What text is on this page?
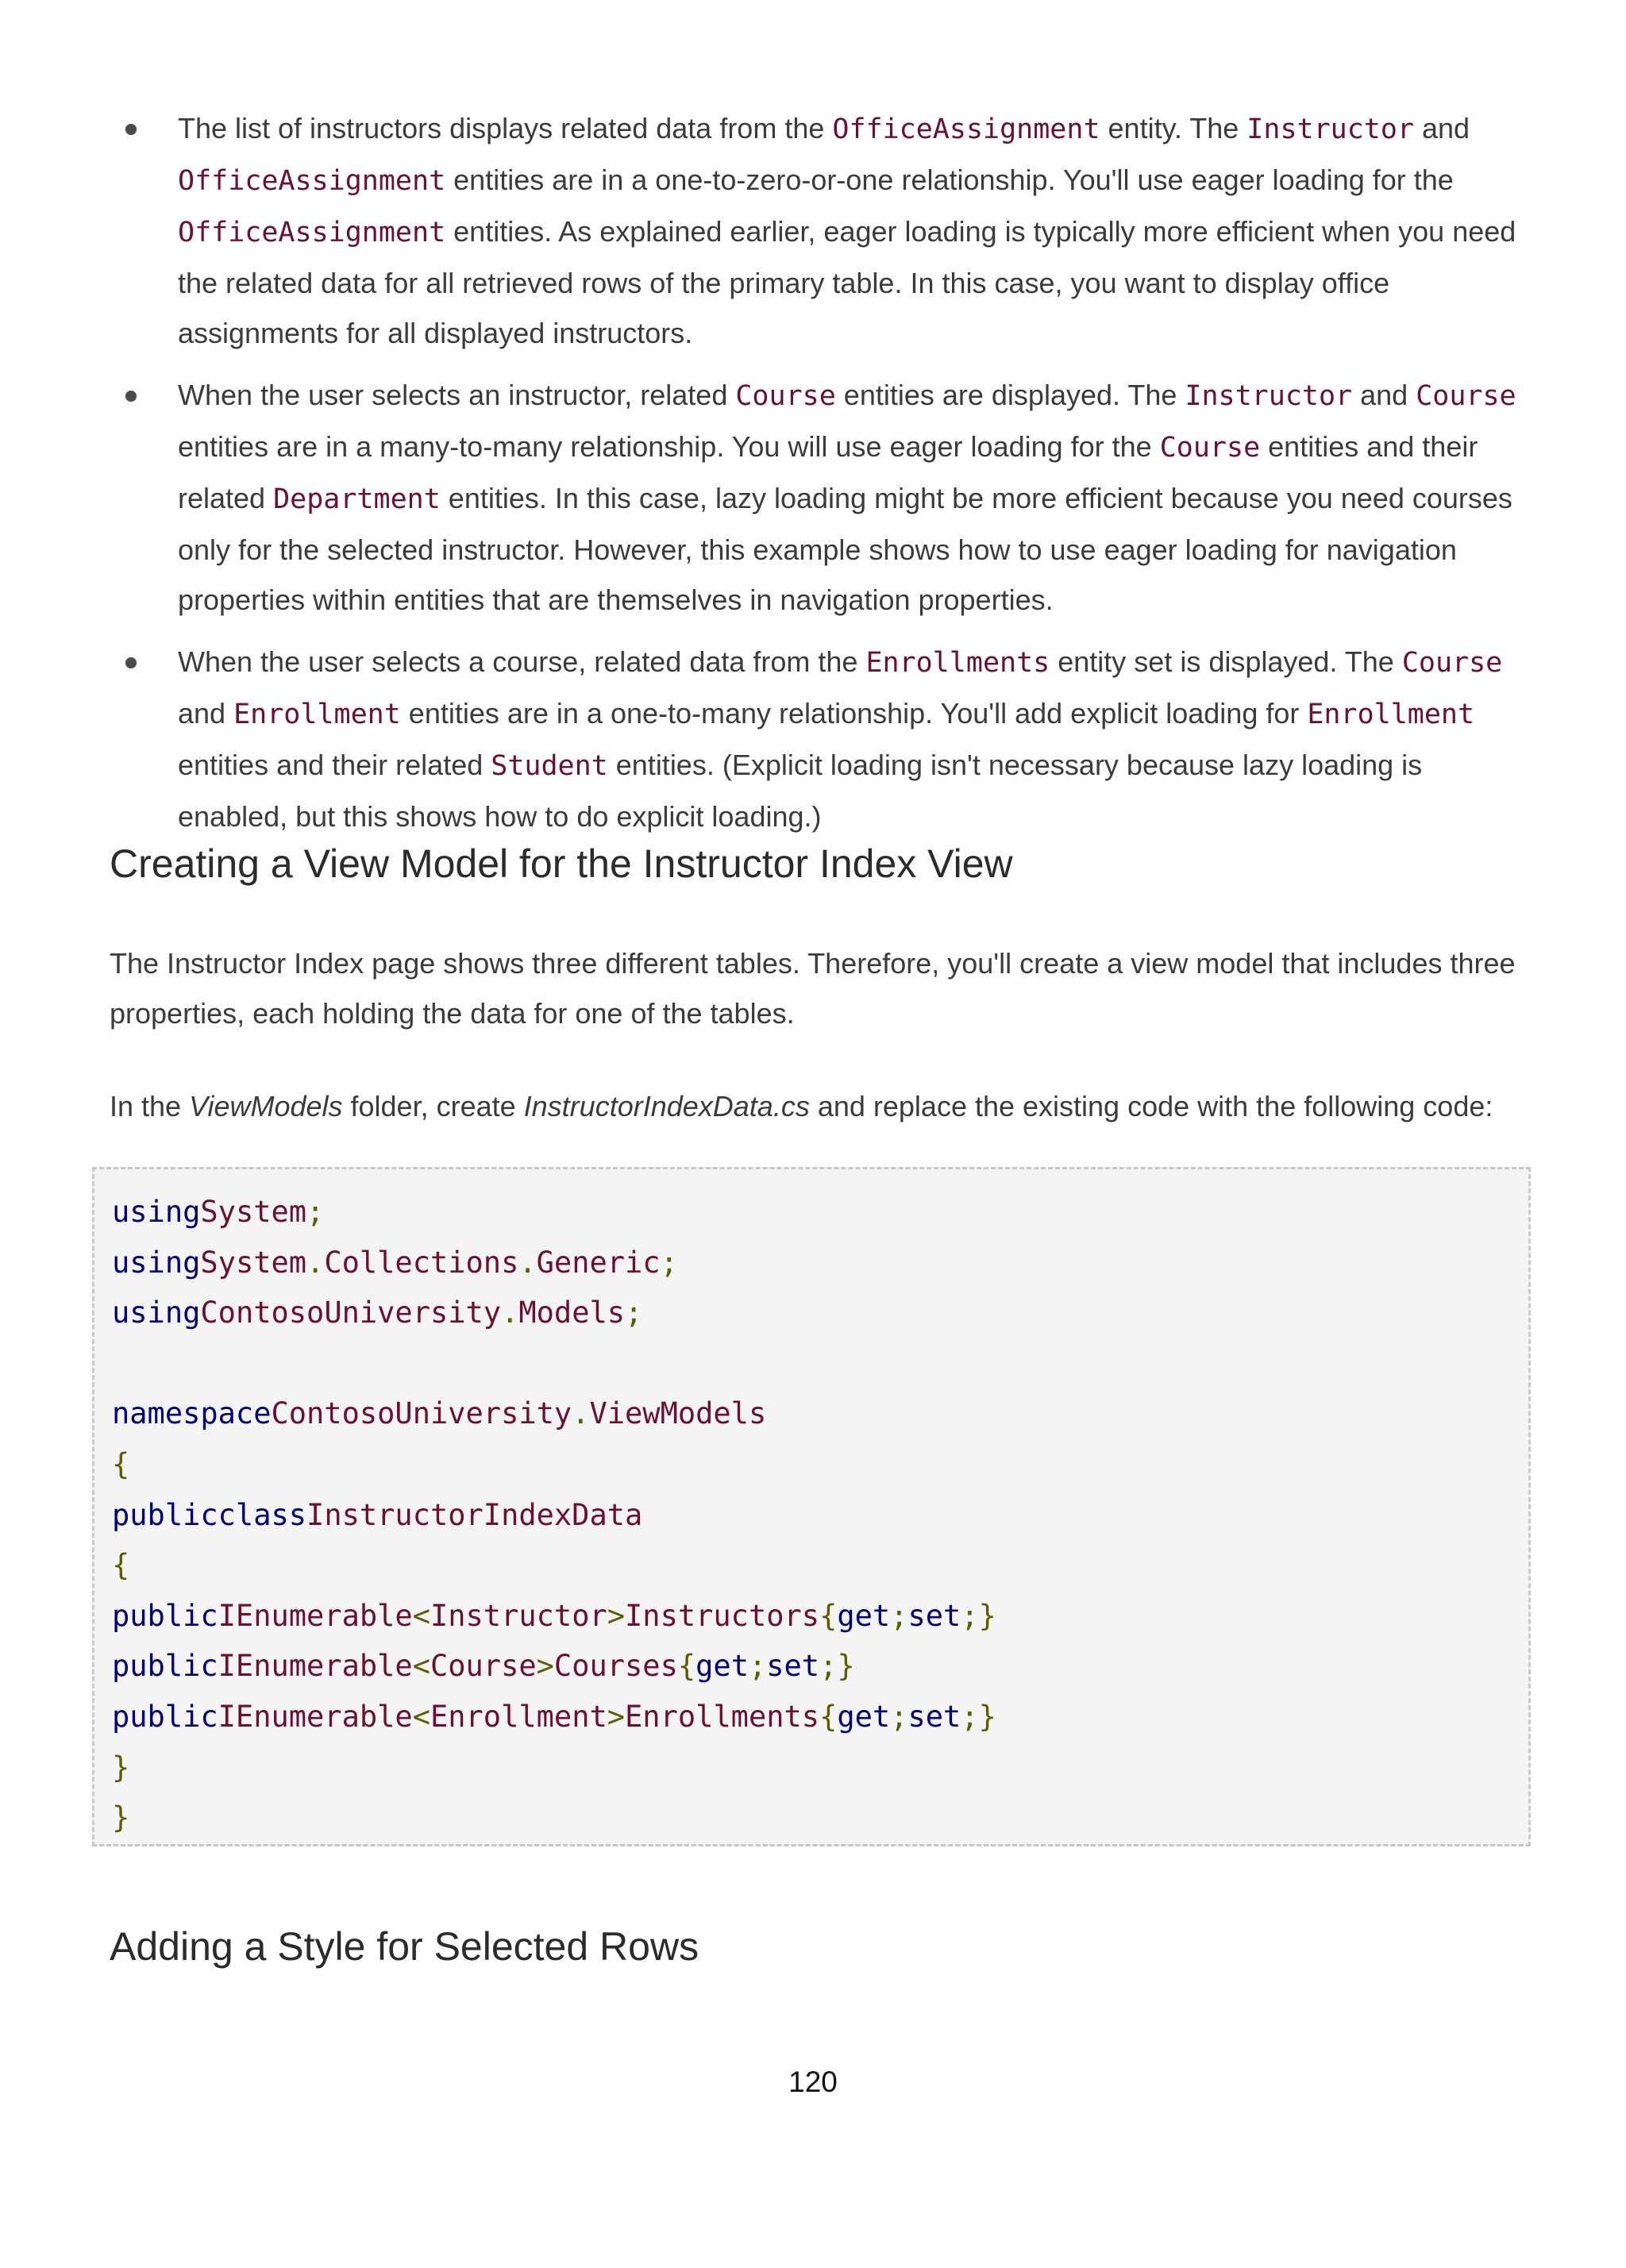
The list of instructors displays related data from the OfficeAssignment entity. The Instructor and OfficeAssignment entities are in a one-to-zero-or-one relationship. You'll use eager loading for the OfficeAssignment entities. As explained earlier, eager loading is typically more efficient when you need the related data for all retrieved rows of the primary table. In this case, you want to display office assignments for all displayed instructors.
When the user selects an instructor, related Course entities are displayed. The Instructor and Course entities are in a many-to-many relationship. You will use eager loading for the Course entities and their related Department entities. In this case, lazy loading might be more efficient because you need courses only for the selected instructor. However, this example shows how to use eager loading for navigation properties within entities that are themselves in navigation properties.
When the user selects a course, related data from the Enrollments entity set is displayed. The Course and Enrollment entities are in a one-to-many relationship. You'll add explicit loading for Enrollment entities and their related Student entities. (Explicit loading isn't necessary because lazy loading is enabled, but this shows how to do explicit loading.)
Creating a View Model for the Instructor Index View

The Instructor Index page shows three different tables. Therefore, you'll create a view model that includes three properties, each holding the data for one of the tables.

In the ViewModels folder, create InstructorIndexData.cs and replace the existing code with the following code:

usingSystem;
usingSystem.Collections.Generic;
usingContosoUniversity.Models;

namespaceContosoUniversity.ViewModels
{
publicclassInstructorIndexData
{
publicIEnumerable<Instructor>Instructors{get;set;}
publicIEnumerable<Course>Courses{get;set;}
publicIEnumerable<Enrollment>Enrollments{get;set;}
}
}
Adding a Style for Selected Rows
120
